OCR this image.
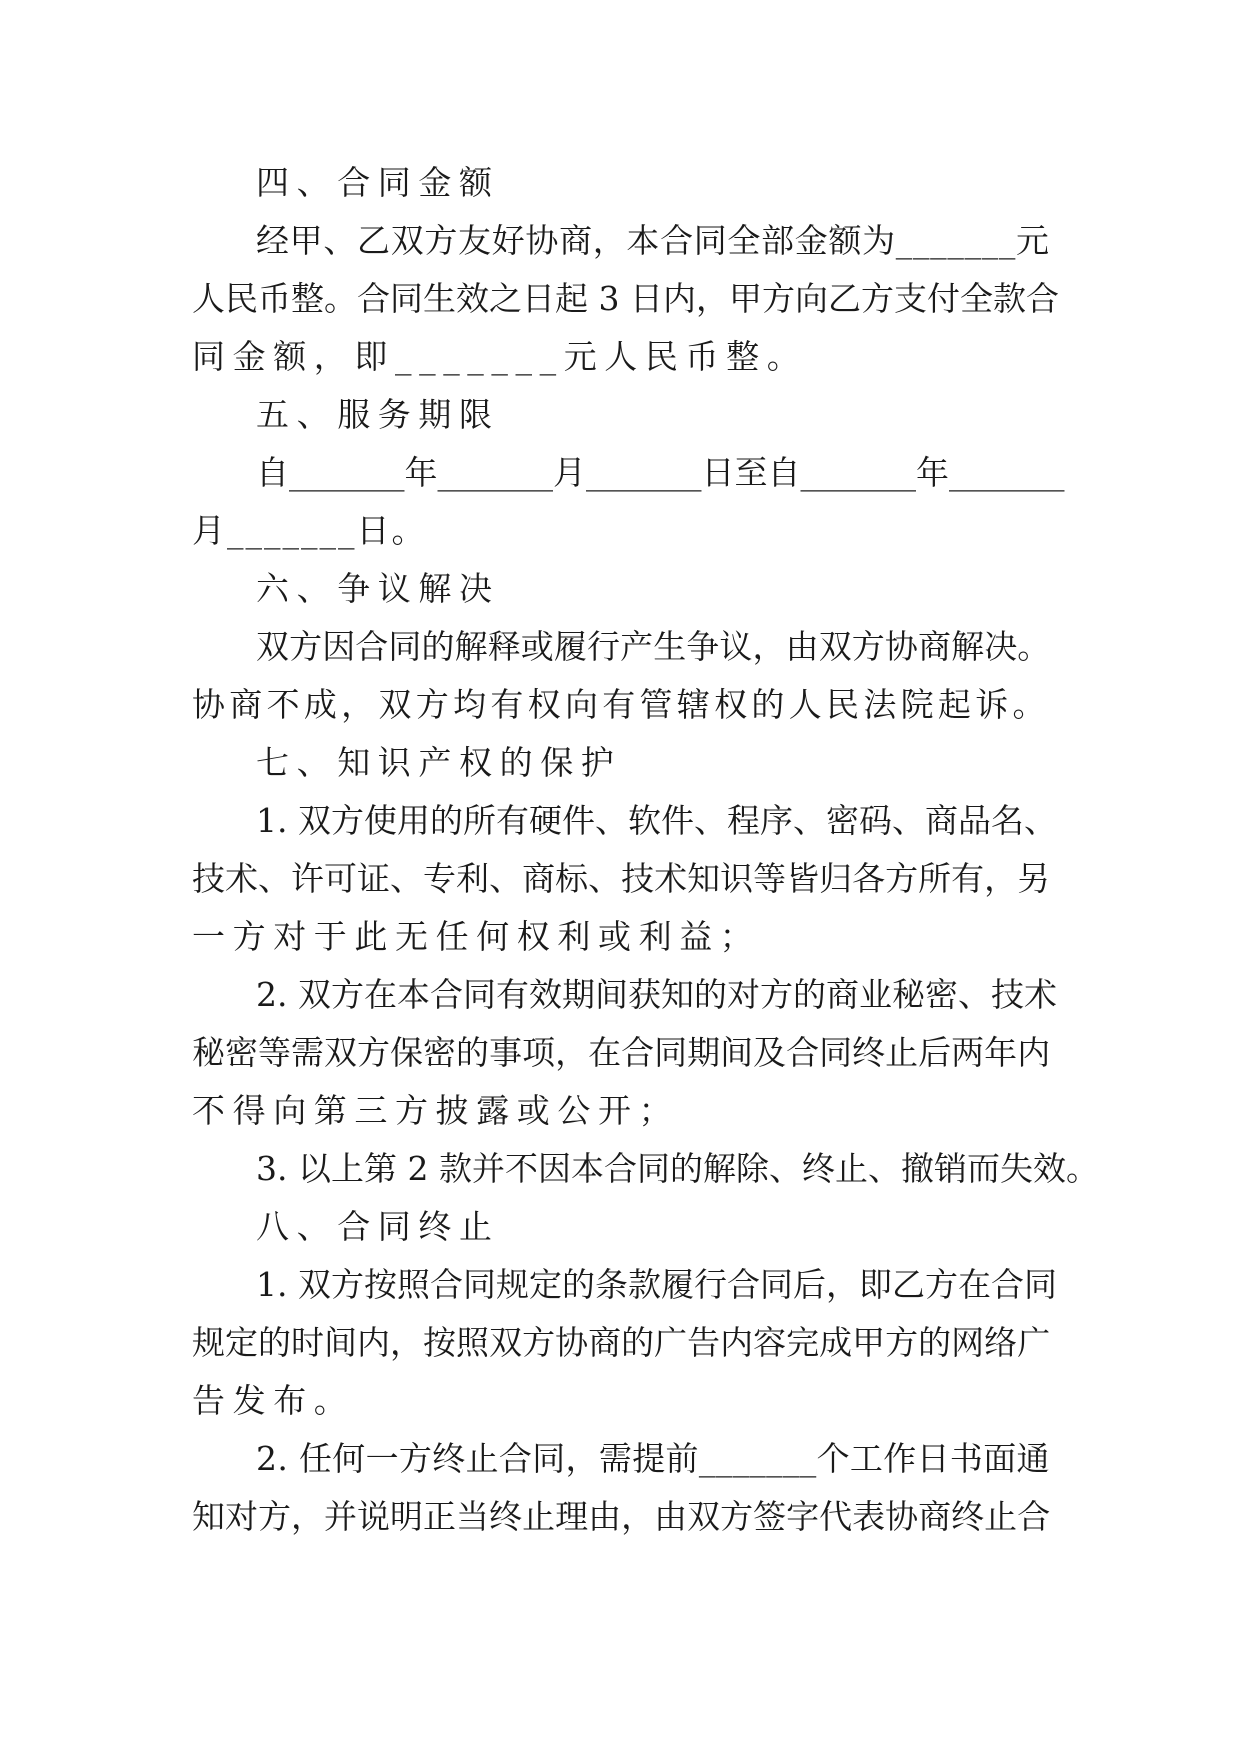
四、合同金额
经甲、乙双方友好协商，本合同全部金额为_______元
人民币整。合同生效之日起 3 日内，甲方向乙方支付全款合
同金额，即_______元人民币整。
五、服务期限
自_______年_______月_______日至自_______年_______
月_______日。
六、争议解决
双方因合同的解释或履行产生争议，由双方协商解决。
协商不成，双方均有权向有管辖权的人民法院起诉。
七、知识产权的保护
1. 双方使用的所有硬件、软件、程序、密码、商品名、
技术、许可证、专利、商标、技术知识等皆归各方所有，另
一方对于此无任何权利或利益；
2. 双方在本合同有效期间获知的对方的商业秘密、技术
秘密等需双方保密的事项，在合同期间及合同终止后两年内
不得向第三方披露或公开；
3. 以上第 2 款并不因本合同的解除、终止、撤销而失效。
八、合同终止
1. 双方按照合同规定的条款履行合同后，即乙方在合同
规定的时间内，按照双方协商的广告内容完成甲方的网络广
告发布。
2. 任何一方终止合同，需提前_______个工作日书面通
知对方，并说明正当终止理由，由双方签字代表协商终止合
